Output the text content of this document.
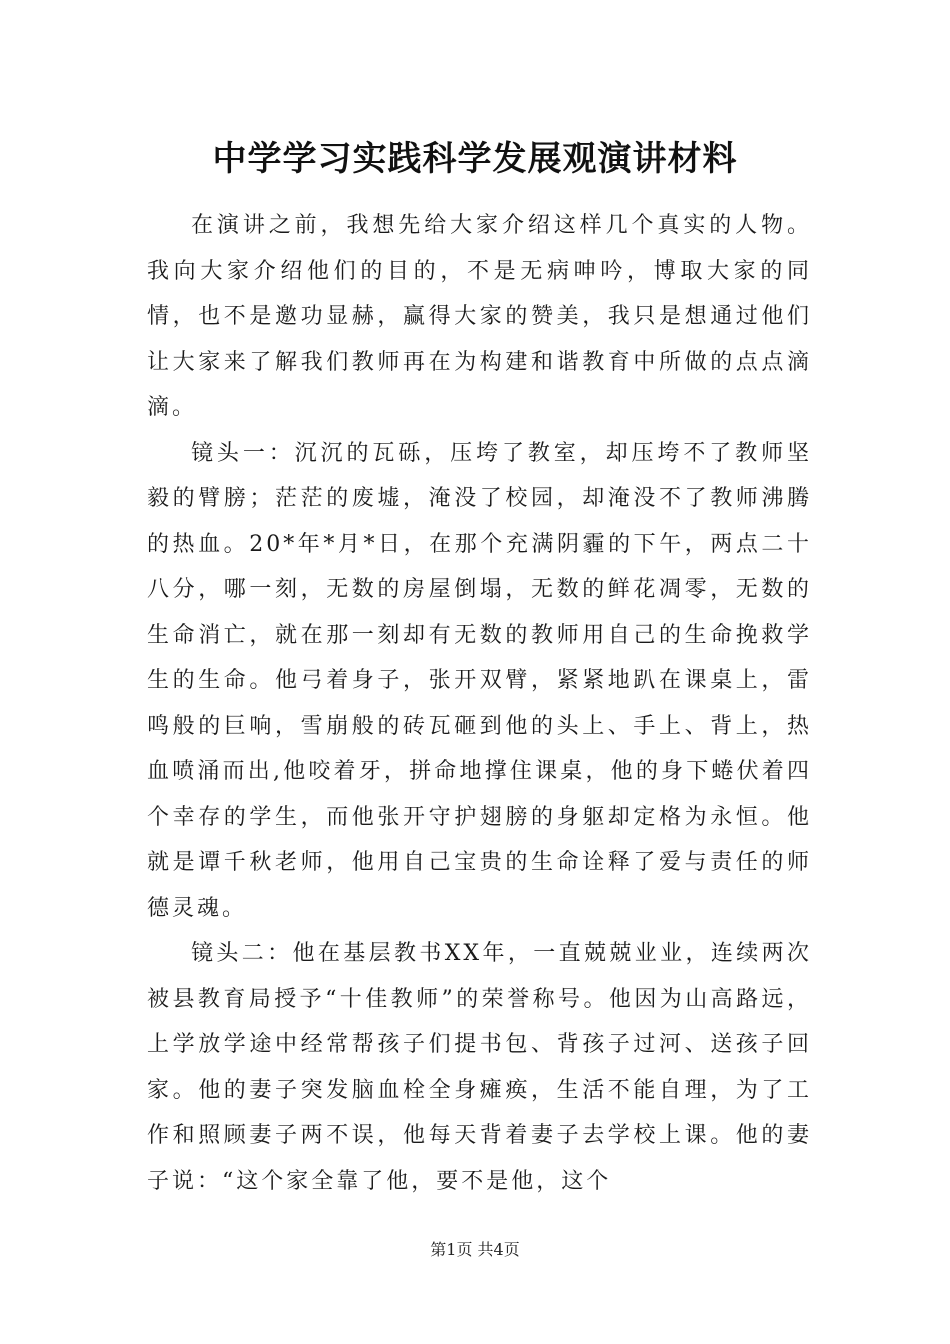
中学学习实践科学发展观演讲材料

在演讲之前，我想先给大家介绍这样几个真实的人物。我向大家介绍他们的目的，不是无病呻吟，博取大家的同情，也不是邀功显赫，赢得大家的赞美，我只是想通过他们让大家来了解我们教师再在为构建和谐教育中所做的点点滴滴。

镜头一：沉沉的瓦砾，压垮了教室，却压垮不了教师坚毅的臂膀；茫茫的废墟，淹没了校园，却淹没不了教师沸腾的热血。20*年*月*日，在那个充满阴霾的下午，两点二十八分，哪一刻，无数的房屋倒塌，无数的鲜花凋零，无数的生命消亡，就在那一刻却有无数的教师用自己的生命挽救学生的生命。他弓着身子，张开双臂，紧紧地趴在课桌上，雷鸣般的巨响，雪崩般的砖瓦砸到他的头上、手上、背上，热血喷涌而出,他咬着牙，拼命地撑住课桌，他的身下蜷伏着四个幸存的学生，而他张开守护翅膀的身躯却定格为永恒。他就是谭千秋老师，他用自己宝贵的生命诠释了爱与责任的师德灵魂。

镜头二：他在基层教书XX年，一直兢兢业业，连续两次被县教育局授予“十佳教师”的荣誉称号。他因为山高路远，上学放学途中经常帮孩子们提书包、背孩子过河、送孩子回家。他的妻子突发脑血栓全身瘫痪，生活不能自理，为了工作和照顾妻子两不误，他每天背着妻子去学校上课。他的妻子说：“这个家全靠了他，要不是他，这个

第1页 共4页
